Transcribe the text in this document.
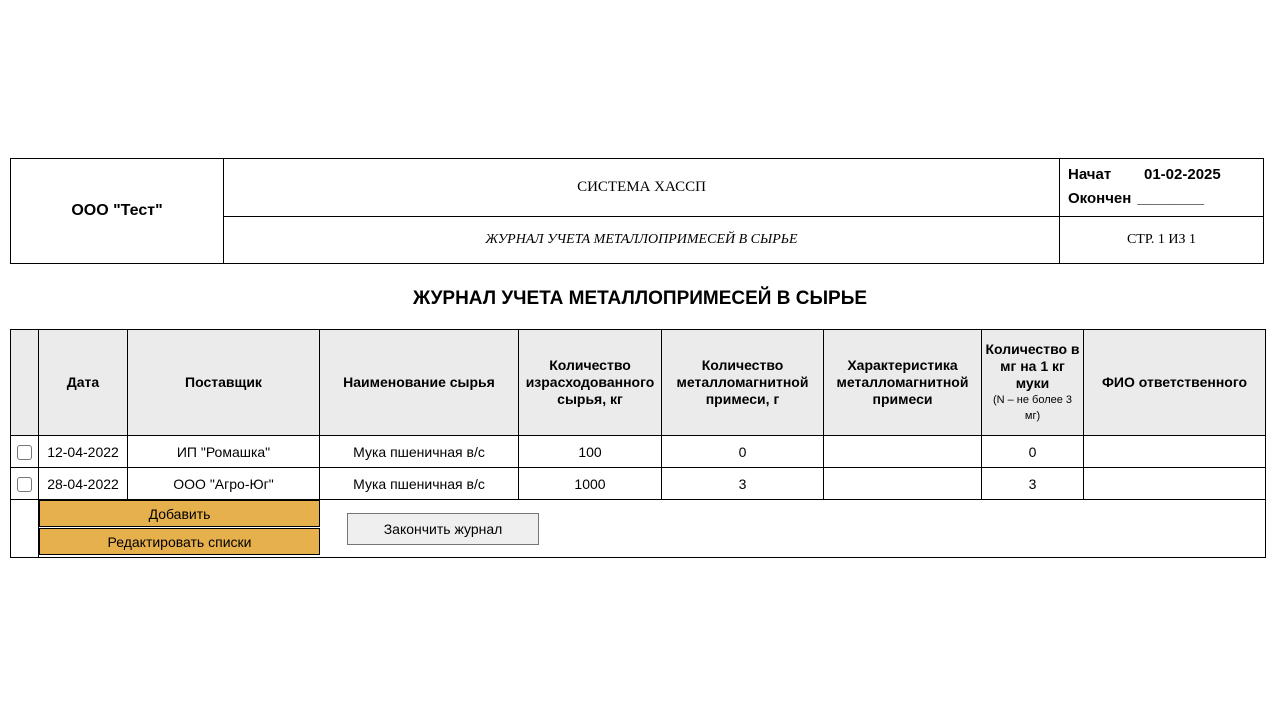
ООО "Тест"	СИСТЕМА ХАССП	Начат 01-02-2025
Окончен ________

	ЖУРНАЛ УЧЕТА МЕТАЛЛОПРИМЕСЕЙ В СЫРЬЕ	СТР. 1 ИЗ 1
ЖУРНАЛ УЧЕТА МЕТАЛЛОПРИМЕСЕЙ В СЫРЬЕ
	Дата	Поставщик	Наименование сырья	Количество израсходованного сырья, кг	Количество металломагнитной примеси, г	Характеристика металломагнитной примеси	Количество в мг на 1 кг муки
(N – не более 3 мг)	ФИО ответственного
	12-04-2022	ИП "Ромашка"	Мука пшеничная в/с	100	0		0	
	28-04-2022	ООО "Агро-Юг"	Мука пшеничная в/с	1000	3		3	

	Добавить
Редактировать списки
Закончить журнал							
